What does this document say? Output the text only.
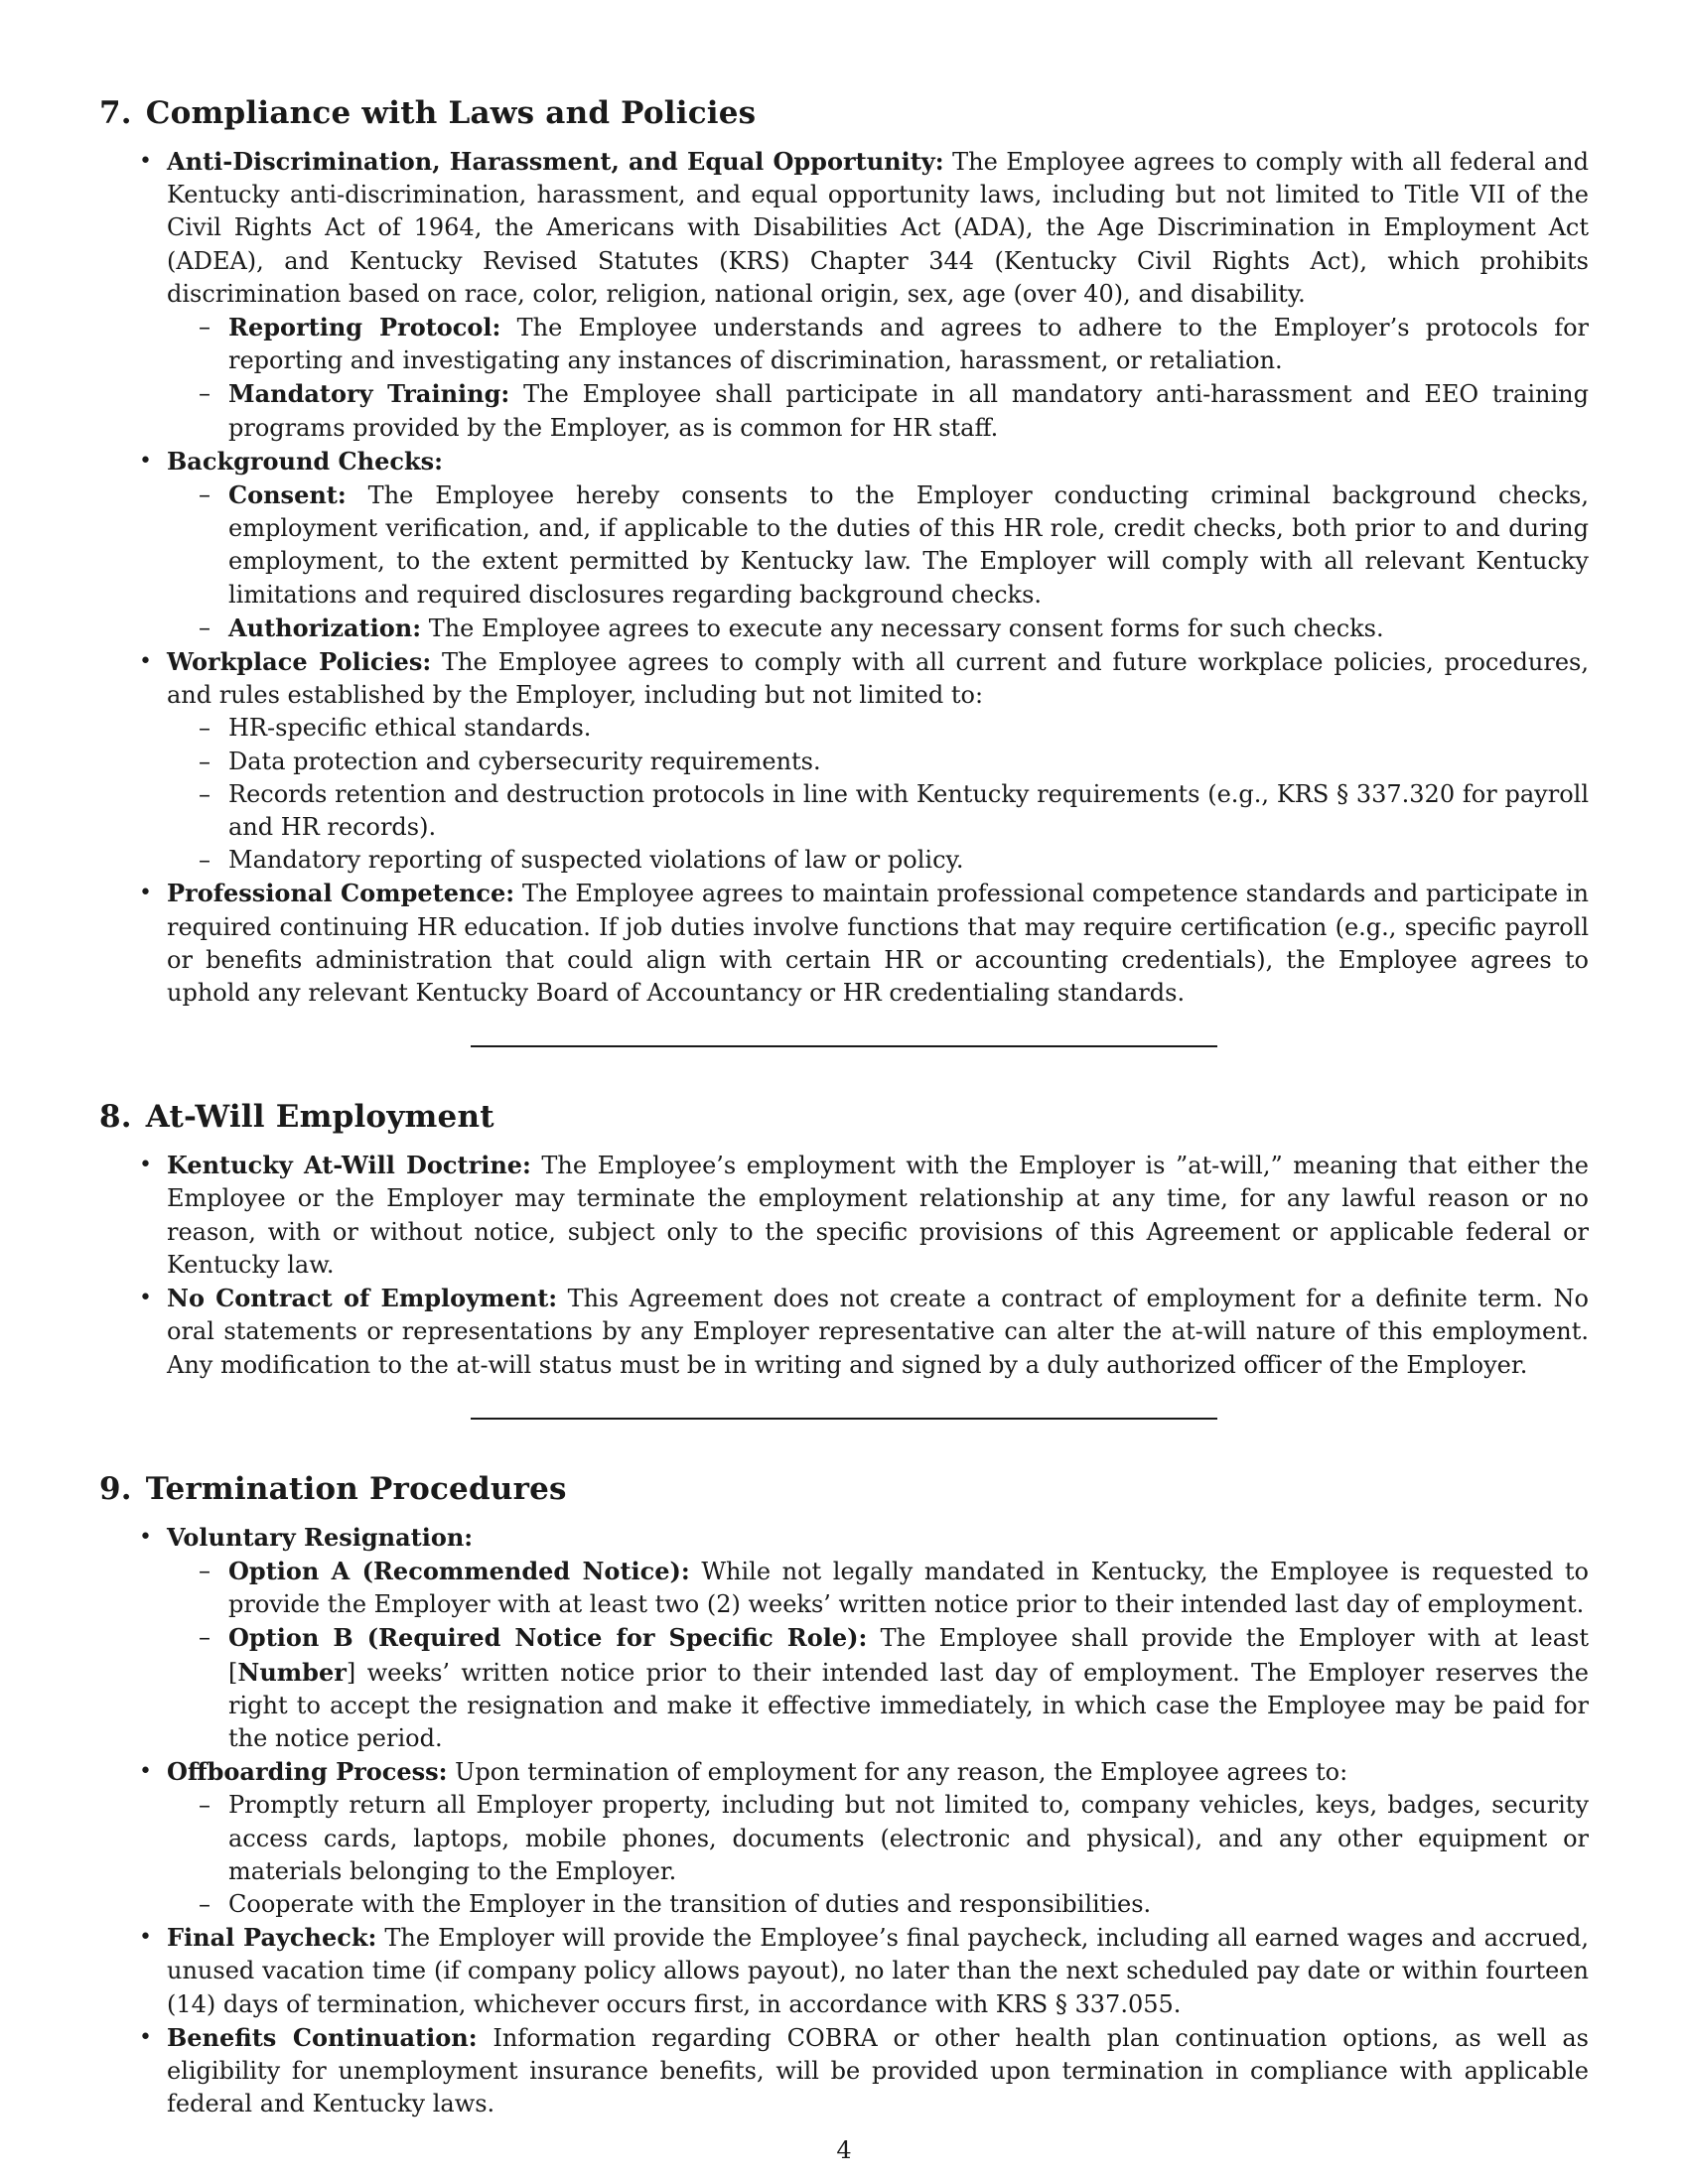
7. Compliance with Laws and Policies
• Anti-Discrimination, Harassment, and Equal Opportunity: The Employee agrees to comply with all federal and Kentucky anti-discrimination, harassment, and equal opportunity laws, including but not limited to Title VII of the Civil Rights Act of 1964, the Americans with Disabilities Act (ADA), the Age Discrimination in Employment Act (ADEA), and Kentucky Revised Statutes (KRS) Chapter 344 (Kentucky Civil Rights Act), which prohibits discrimination based on race, color, religion, national origin, sex, age (over 40), and disability.
– Reporting Protocol: The Employee understands and agrees to adhere to the Employer’s protocols for reporting and investigating any instances of discrimination, harassment, or retaliation.
– Mandatory Training: The Employee shall participate in all mandatory anti-harassment and EEO training programs provided by the Employer, as is common for HR staff.
• Background Checks:
– Consent: The Employee hereby consents to the Employer conducting criminal background checks, employment verification, and, if applicable to the duties of this HR role, credit checks, both prior to and during employment, to the extent permitted by Kentucky law. The Employer will comply with all relevant Kentucky limitations and required disclosures regarding background checks.
– Authorization: The Employee agrees to execute any necessary consent forms for such checks.
• Workplace Policies: The Employee agrees to comply with all current and future workplace policies, procedures, and rules established by the Employer, including but not limited to:
– HR-specific ethical standards.
– Data protection and cybersecurity requirements.
– Records retention and destruction protocols in line with Kentucky requirements (e.g., KRS § 337.320 for payroll and HR records).
– Mandatory reporting of suspected violations of law or policy.
• Professional Competence: The Employee agrees to maintain professional competence standards and participate in required continuing HR education. If job duties involve functions that may require certification (e.g., specific payroll or benefits administration that could align with certain HR or accounting credentials), the Employee agrees to uphold any relevant Kentucky Board of Accountancy or HR credentialing standards.
8. At-Will Employment
• Kentucky At-Will Doctrine: The Employee’s employment with the Employer is ”at-will,” meaning that either the Employee or the Employer may terminate the employment relationship at any time, for any lawful reason or no reason, with or without notice, subject only to the specific provisions of this Agreement or applicable federal or Kentucky law.
• No Contract of Employment: This Agreement does not create a contract of employment for a definite term. No oral statements or representations by any Employer representative can alter the at-will nature of this employment. Any modification to the at-will status must be in writing and signed by a duly authorized officer of the Employer.
9. Termination Procedures
• Voluntary Resignation:
– Option A (Recommended Notice): While not legally mandated in Kentucky, the Employee is requested to provide the Employer with at least two (2) weeks’ written notice prior to their intended last day of employment.
– Option B (Required Notice for Specific Role): The Employee shall provide the Employer with at least [Number] weeks’ written notice prior to their intended last day of employment. The Employer reserves the right to accept the resignation and make it effective immediately, in which case the Employee may be paid for the notice period.
• Offboarding Process: Upon termination of employment for any reason, the Employee agrees to:
– Promptly return all Employer property, including but not limited to, company vehicles, keys, badges, security access cards, laptops, mobile phones, documents (electronic and physical), and any other equipment or materials belonging to the Employer.
– Cooperate with the Employer in the transition of duties and responsibilities.
• Final Paycheck: The Employer will provide the Employee’s final paycheck, including all earned wages and accrued, unused vacation time (if company policy allows payout), no later than the next scheduled pay date or within fourteen (14) days of termination, whichever occurs first, in accordance with KRS § 337.055.
• Benefits Continuation: Information regarding COBRA or other health plan continuation options, as well as eligibility for unemployment insurance benefits, will be provided upon termination in compliance with applicable federal and Kentucky laws.
4
